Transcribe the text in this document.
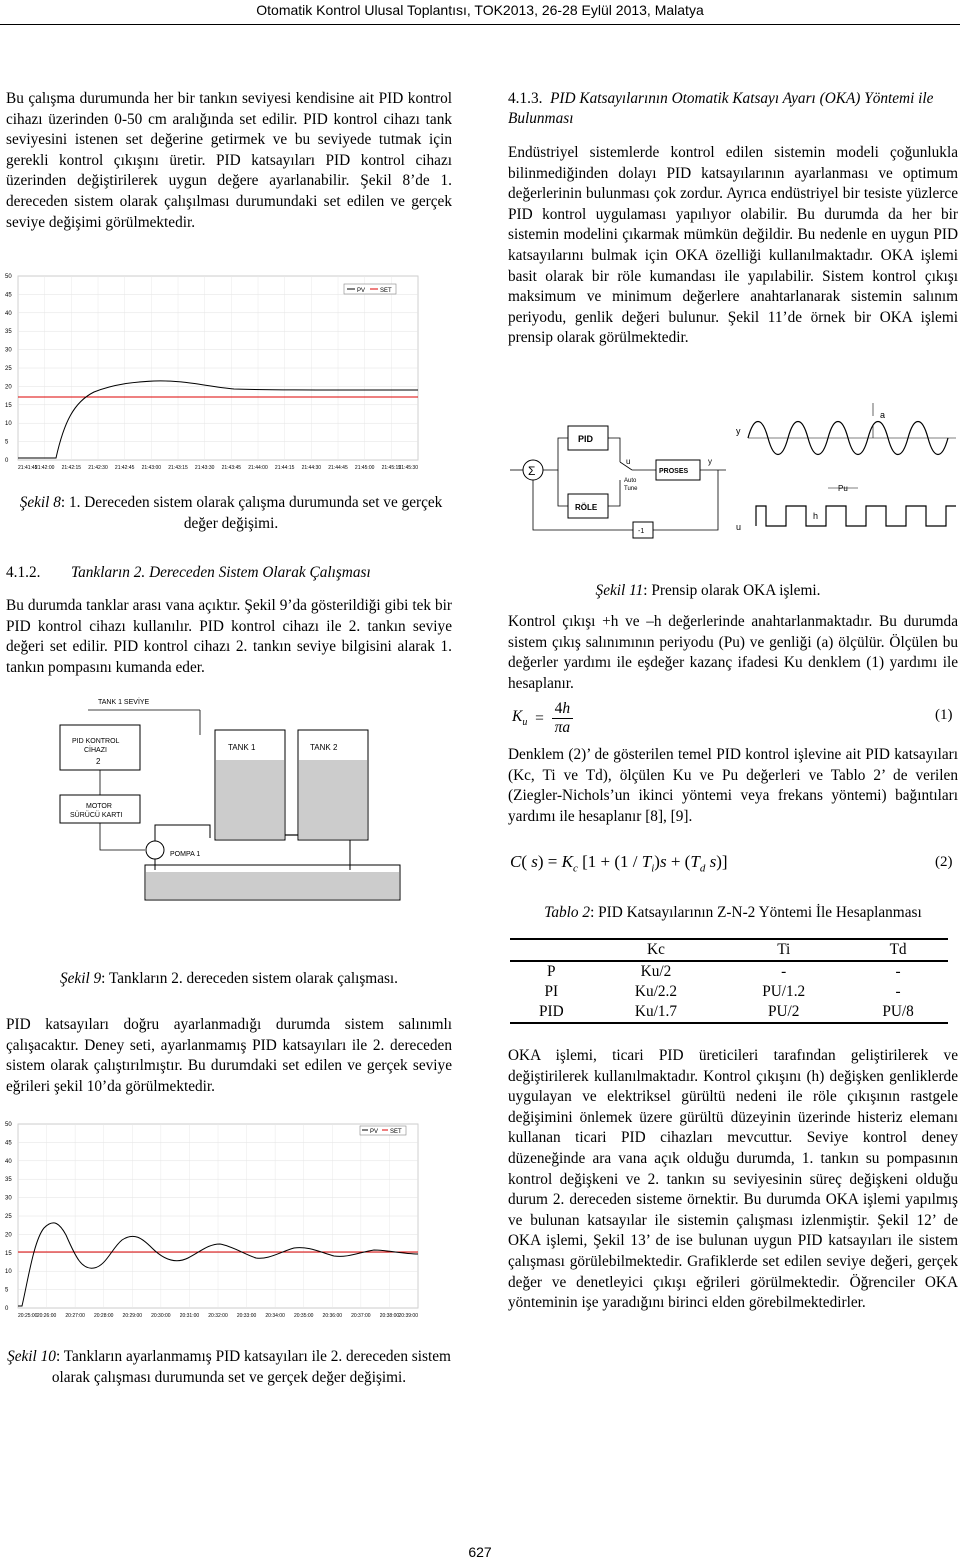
Otomatik Kontrol Ulusal Toplantısı, TOK2013, 26-28 Eylül 2013, Malatya

Bu çalışma durumunda her bir tankın seviyesi kendisine ait PID kontrol cihazı üzerinden 0-50 cm aralığında set edilir. PID kontrol cihazı tank seviyesini istenen set değerine getirmek ve bu seviyede tutmak için gerekli kontrol çıkışını üretir. PID katsayıları PID kontrol cihazı üzerinden değiştirilerek uygun değere ayarlanabilir. Şekil 8’de 1. dereceden sistem olarak çalışılması durumundaki set edilen ve gerçek seviye değişimi görülmektedir.

PV SET
50
45
40
35
30
25
20
15
10
5
0
21:41:45
21:42:00 21:42:15 21:42:30 21:42:45 21:43:00 21:43:15 21:43:30 21:43:45 21:44:00 21:44:15 21:44:30 21:44:45 21:45:00 21:45:15
21:45:30
Şekil 8: 1. Dereceden sistem olarak çalışma durumunda set ve gerçek değer değişimi.
4.1.2. Tankların 2. Dereceden Sistem Olarak Çalışması

Bu durumda tanklar arası vana açıktır. Şekil 9’da gösterildiği gibi tek bir PID kontrol cihazı kullanılır. PID kontrol cihazı ile 2. tankın seviye değeri set edilir. PID kontrol cihazı 2. tankın seviye bilgisini alarak 1. tankın pompasını kumanda eder.

TANK 1 SEVİYE
PID KONTROL
CİHAZI
2
MOTOR
SÜRÜCÜ KARTI
TANK 1	TANK 2
POMPA 1
Şekil 9: Tankların 2. dereceden sistem olarak çalışması.

PID katsayıları doğru ayarlanmadığı durumda sistem salınımlı çalışacaktır. Deney seti, ayarlanmamış PID katsayıları ile 2. dereceden sistem olarak çalıştırılmıştır. Bu durumdaki set edilen ve gerçek seviye eğrileri şekil 10’da görülmektedir.

PV SET
50
45
40
35
30
25
20
15
10
5
0
20:25:00 20:26:00 20:27:00 20:28:00 20:29:00 20:30:00 20:31:00 20:32:00 20:33:00 20:34:00 20:35:00 20:36:00 20:37:00 20:38:00 20:39:00
Şekil 10: Tankların ayarlanmamış PID katsayıları ile 2. dereceden sistem olarak çalışması durumunda set ve gerçek değer değişimi.
4.1.3. PID Katsayılarının Otomatik Katsayı Ayarı (OKA) Yöntemi ile Bulunması

Endüstriyel sistemlerde kontrol edilen sistemin modeli çoğunlukla bilinmediğinden dolayı PID katsayılarının ayarlanması ve optimum değerlerinin bulunması çok zordur. Ayrıca endüstriyel bir tesiste yüzlerce PID kontrol uygulaması yapılıyor olabilir. Bu durumda da her bir sistemin modelini çıkarmak mümkün değildir. Bu nedenle en uygun PID katsayılarını bulmak için OKA özelliği kullanılmaktadır. OKA işlemi basit olarak bir röle kumandası ile yapılabilir. Sistem kontrol çıkışı maksimum ve minimum değerlere anahtarlanarak sistemin salınım periyodu, genlik değeri bulunur. Şekil 11’de örnek bir OKA işlemi prensip olarak görülmektedir.

Σ
PID
RÖLE
Auto
Tune
u
PROSES
y
-1
y
a
u
Pu
h
Şekil 11: Prensip olarak OKA işlemi.

Kontrol çıkışı +h ve –h değerlerinde anahtarlanmaktadır. Bu durumda sistem çıkış salınımının periyodu (Pu) ve genliği (a) ölçülür. Ölçülen bu değerler yardımı ile eşdeğer kazanç ifadesi Ku denklem (1) yardımı ile hesaplanır.

$K_u = \frac{4h}{\pi a}$	(1)

Denklem (2)’ de gösterilen temel PID kontrol işlevine ait PID katsayıları (Kc, Ti ve Td), ölçülen Ku ve Pu değerleri ve Tablo 2’ de verilen (Ziegler-Nichols’un ikinci yöntemi veya frekans yöntemi) bağıntıları yardımı ile hesaplanır [8], [9].

C( $s) = K_c$ [$1 + (1 / T_i)s + (T_d$ s)]	(2)
Tablo 2: PID Katsayılarının Z-N-2 Yöntemi İle Hesaplanması
	Kc	Ti	Td
P	Ku/2	-	-
PI	Ku/2.2	PU/1.2	-
PID	Ku/1.7	PU/2	PU/8

OKA işlemi, ticari PID üreticileri tarafından geliştirilerek ve değiştirilerek kullanılmaktadır. Kontrol çıkışını (h) değişken genliklerde uygulayan ve elektriksel gürültü nedeni ile röle çıkışının rastgele değişimini önlemek üzere gürültü düzeyinin üzerinde histeriz elemanı kullanan ticari PID cihazları mevcuttur. Seviye kontrol deney düzeneğinde ara vana açık olduğu durumda, 1. tankın su pompasının kontrol değişkeni ve 2. tankın su seviyesinin süreç değişkeni olduğu durum 2. dereceden sisteme örnektir. Bu durumda OKA işlemi yapılmış ve bulunan katsayılar ile sistemin çalışması izlenmiştir. Şekil 12’ de OKA işlemi, Şekil 13’ de ise bulunan uygun PID katsayıları ile sistem çalışması görülebilmektedir. Grafiklerde set edilen seviye değeri, gerçek değer ve denetleyici çıkışı eğrileri görülmektedir. Öğrenciler OKA yönteminin işe yaradığını birinci elden görebilmektedirler.

627
